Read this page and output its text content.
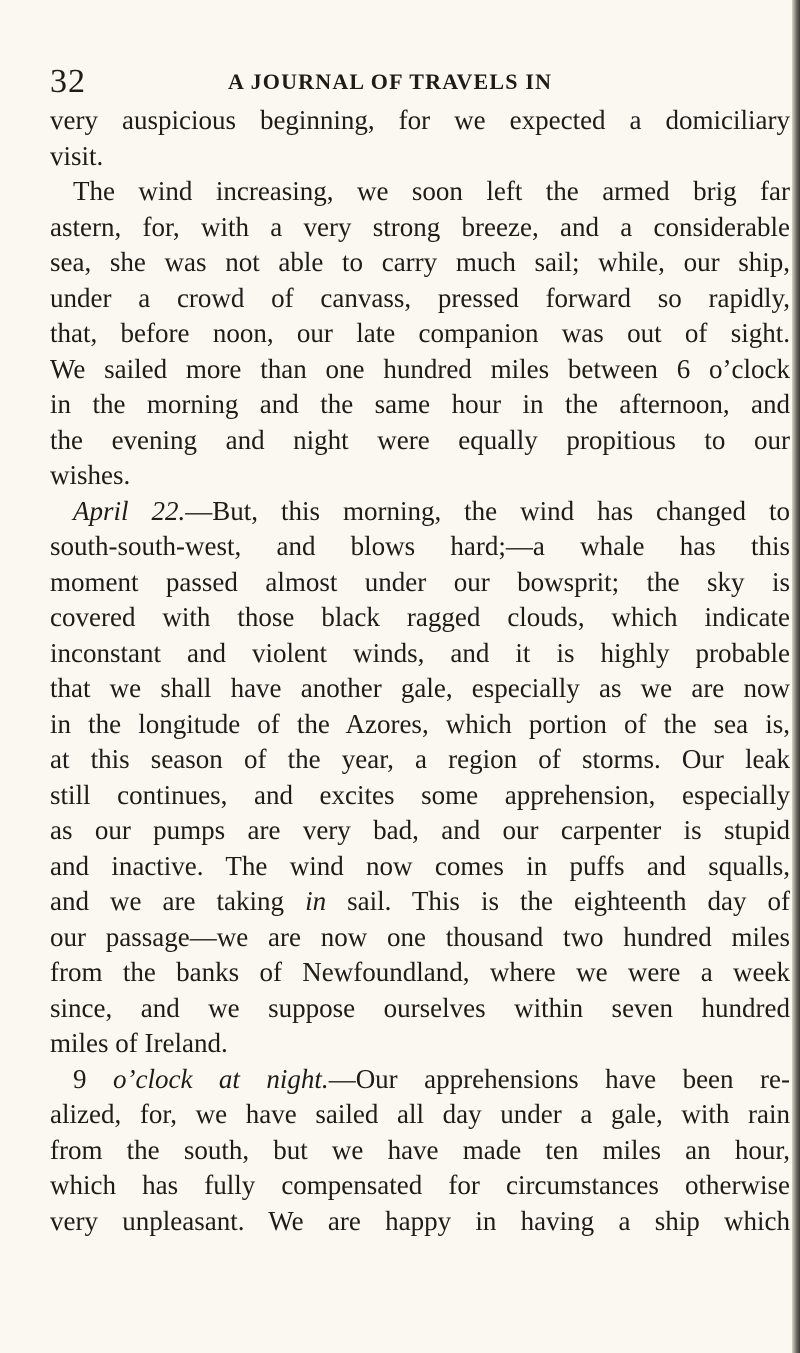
32	A JOURNAL OF TRAVELS IN
very auspicious beginning, for we expected a domiciliary
visit.
The wind increasing, we soon left the armed brig far
astern, for, with a very strong breeze, and a considerable
sea, she was not able to carry much sail; while, our ship,
under a crowd of canvass, pressed forward so rapidly,
that, before noon, our late companion was out of sight.
We sailed more than one hundred miles between 6 o’clock
in the morning and the same hour in the afternoon, and
the evening and night were equally propitious to our
wishes.
April 22.—But, this morning, the wind has changed to
south-south-west, and blows hard;—a whale has this
moment passed almost under our bowsprit; the sky is
covered with those black ragged clouds, which indicate
inconstant and violent winds, and it is highly probable
that we shall have another gale, especially as we are now
in the longitude of the Azores, which portion of the sea is,
at this season of the year, a region of storms. Our leak
still continues, and excites some apprehension, especially
as our pumps are very bad, and our carpenter is stupid
and inactive. The wind now comes in puffs and squalls,
and we are taking in sail. This is the eighteenth day of
our passage—we are now one thousand two hundred miles
from the banks of Newfoundland, where we were a week
since, and we suppose ourselves within seven hundred
miles of Ireland.
9 o’clock at night.—Our apprehensions have been re-
alized, for, we have sailed all day under a gale, with rain
from the south, but we have made ten miles an hour,
which has fully compensated for circumstances otherwise
very unpleasant. We are happy in having a ship which
